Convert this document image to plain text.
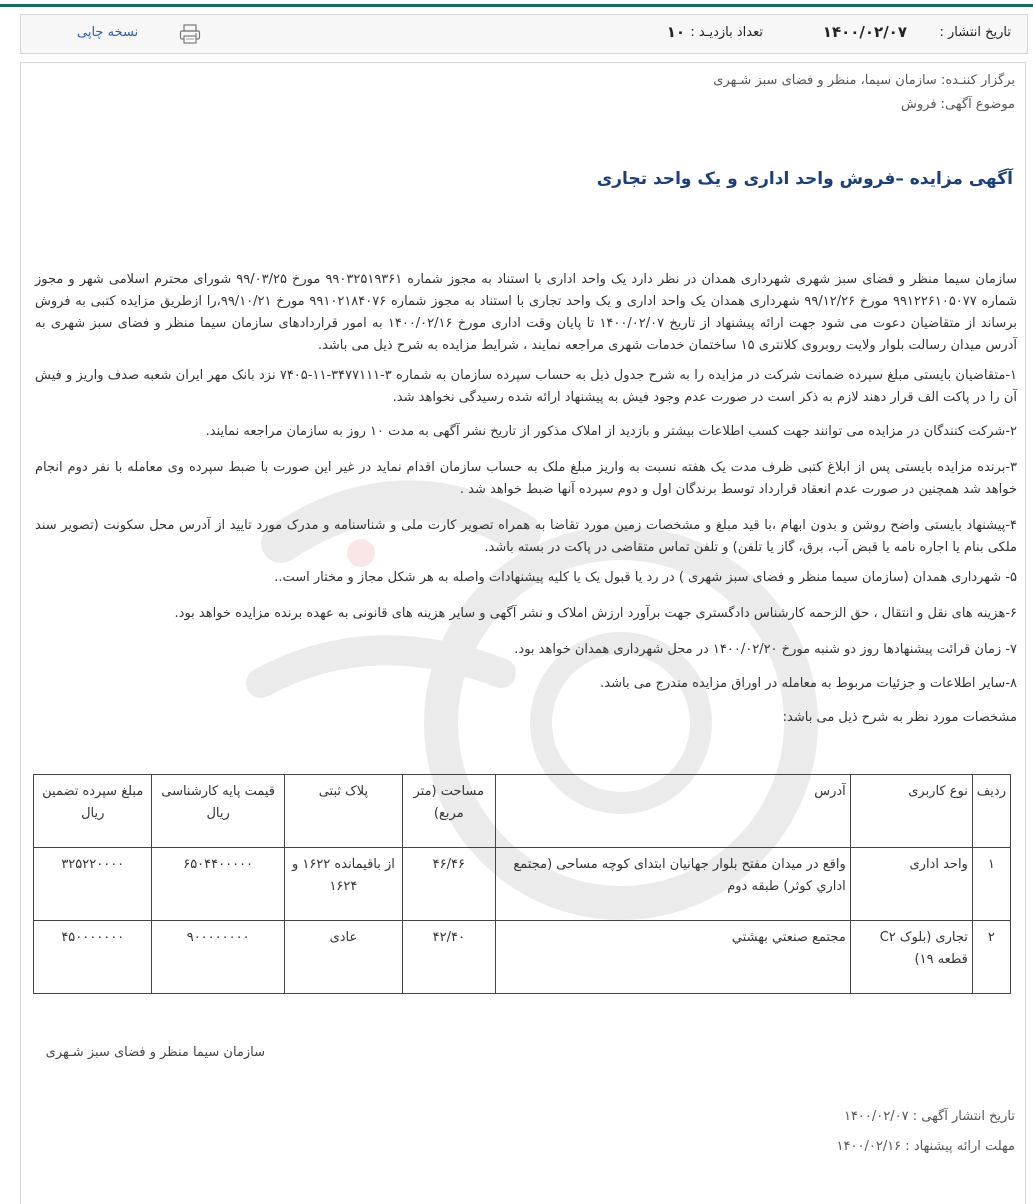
تاریخ انتشار :
۱۴۰۰/۰۲/۰۷
تعداد بازدیـد :
۱۰
نسخه چاپی
برگزار کننـده: سازمان سیما، منظر و فضای سبز شـهری
موضوع آگهی: فروش
آگهی مزایده –فروش واحد اداری و یک واحد تجاری
سازمان سیما منظر و فضای سبز شهری شهرداری همدان در نظر دارد یک واحد اداری با استناد به مجوز شماره ۹۹۰۳۲۵۱۹۳۶۱ مورخ ۹۹/۰۳/۲۵ شورای محترم اسلامی شهر و مجوز شماره ۹۹۱۲۲۶۱۰۵۰۷۷ مورخ ۹۹/۱۲/۲۶ شهرداری همدان یک واحد اداری و یک واحد تجاری با استناد به مجوز شماره ۹۹۱۰۲۱۸۴۰۷۶ مورخ ۹۹/۱۰/۲۱،را ازطریق مزایده کتبی به فروش برساند از متقاضیان دعوت می شود جهت ارائه پیشنهاد از تاریخ ۱۴۰۰/۰۲/۰۷ تا پایان وقت اداری مورخ ۱۴۰۰/۰۲/۱۶ به امور قراردادهای سازمان سیما منظر و فضای سبز شهری به آدرس میدان رسالت بلوار ولایت روبروی کلانتری ۱۵ ساختمان خدمات شهری مراجعه نمایند ، شرایط مزایده به شرح ذیل می باشد.
۱-متقاضیان بایستی مبلغ سپرده ضمانت شرکت در مزایده را به شرح جدول ذیل به حساب سپرده سازمان به شماره ۳-۳۴۷۷۱۱۱-۱۱-۷۴۰۵ نزد بانک مهر ایران شعبه صدف واریز و فیش آن را در پاکت الف قرار دهند لازم به ذکر است در صورت عدم وجود فیش به پیشنهاد ارائه شده رسیدگی نخواهد شد.
۲-شرکت کنندگان در مزایده می توانند جهت کسب اطلاعات بیشتر و بازدید از املاک مذکور از تاریخ نشر آگهی به مدت ۱۰ روز به سازمان مراجعه نمایند.
۳-برنده مزایده بایستی پس از ابلاغ کتبی ظرف مدت یک هفته نسبت به واریز مبلغ ملک به حساب سازمان اقدام نماید در غیر این صورت با ضبط سپرده وی معامله با نفر دوم انجام خواهد شد همچنین در صورت عدم انعقاد قرارداد توسط برندگان اول و دوم سپرده آنها ضبط خواهد شد .
۴-پیشنهاد بایستی واضح روشن و بدون ابهام ،با قید مبلغ و مشخصات زمین مورد تقاضا به همراه تصویر کارت ملی و شناسنامه و مدرک مورد تایید از آدرس محل سکونت (تصویر سند ملکی بنام یا اجاره نامه یا قبض آب، برق، گاز یا تلفن) و تلفن تماس متقاضی در پاکت در بسته باشد.
۵- شهرداری همدان (سازمان سیما منظر و فضای سبز شهری ) در رد یا قبول یک یا کلیه پیشنهادات واصله به هر شکل مجاز و مختار است..
۶-هزینه های نقل و انتقال ، حق الزحمه کارشناس دادگستری جهت برآورد ارزش املاک و نشر آگهی و سایر هزینه های قانونی به عهده برنده مزایده خواهد بود.
۷- زمان قرائت پیشنهادها روز دو شنبه مورخ ۱۴۰۰/۰۲/۲۰ در محل شهرداری همدان خواهد بود.
۸-سایر اطلاعات و جزئیات مربوط به معامله در اوراق مزایده مندرج می باشد.
مشخصات مورد نظر به شرح ذیل می باشد:
ردیف	نوع کاربری	آدرس	مساحت (متر مربع)	پلاک ثبتی	قیمت پایه کارشناسی ریال	مبلغ سپرده تضمین ریال
۱	واحد اداری	واقع در میدان مفتح بلوار جهانیان ابتدای کوچه مساحی (مجتمع اداري كوثر) طبقه دوم	۴۶/۴۶	از باقیمانده ۱۶۲۲ و ۱۶۲۴	۶۵۰۴۴۰۰۰۰۰	۳۲۵۲۲۰۰۰۰
۲	تجاری (بلوک C۲ قطعه ۱۹)	مجتمع صنعتي بهشتي	۴۲/۴۰	عادی	۹۰۰۰۰۰۰۰۰	۴۵۰۰۰۰۰۰۰
سازمان سیما منظر و فضای سبز شـهری
تاریخ انتشار آگهی : ۱۴۰۰/۰۲/۰۷
مهلت ارائه پیشنهاد : ۱۴۰۰/۰۲/۱۶
